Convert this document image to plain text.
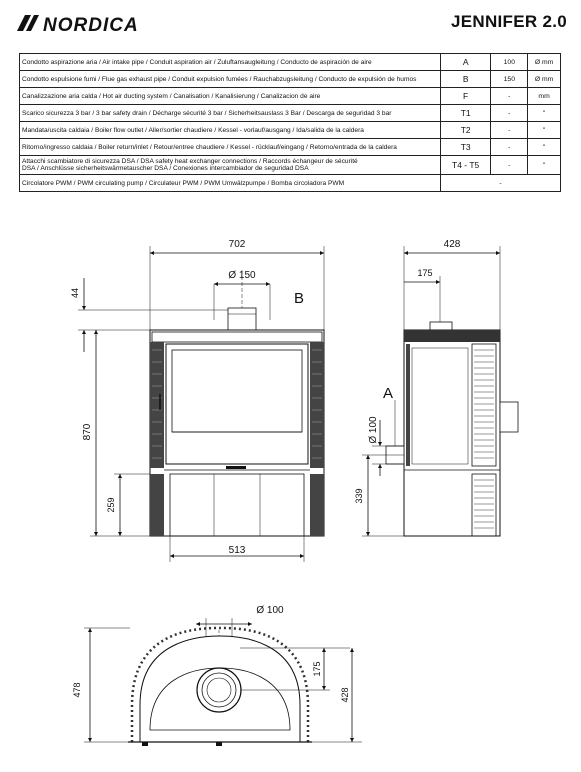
NORDICA	JENNIFER 2.0
Condotto aspirazione aria / Air intake pipe / Conduit aspiration air / Zuluftansaugleitung / Conducto de aspiración de aire	A	100	Ø mm
Condotto espulsione fumi / Flue gas exhaust pipe / Conduit expulsion fumées / Rauchabzugsleitung / Conducto de expulsión de humos	B	150	Ø mm
Canalizzazione aria calda / Hot air ducting system / Canalisation / Kanalisierung / Canalizacion de aire	F	-	mm
Scarico sicurezza 3 bar / 3 bar safety drain / Décharge sécurité 3 bar / Sicherheitsauslass 3 Bar / Descarga de seguridad 3 bar	T1	-	"
Mandata/uscita caldaia / Boiler flow outlet / Aller/sortier chaudiere / Kessel - vorlauf/ausgang / Ida/salida de la caldera	T2	-	"
Ritorno/ingresso caldaia / Boiler return/inlet / Retour/entree chaudiere / Kessel - rücklauf/eingang / Retorno/entrada de la caldera	T3	-	"
Attacchi scambiatore di sicurezza DSA / DSA safety heat exchanger connections / Raccords échangeur de sécurité
DSA / Anschlüsse sicherheitswärmetauscher DSA / Conexiones intercambiador de seguridad DSA	T4 - T5	-	"
Circolatore PWM / PWM circulating pump / Circulateur PWM / PWM Umwälzpumpe / Bomba circoladora PWM	-		
702
Ø 150
B
44
870
259
513
428
175
A
Ø 100
339
Ø 100
175
478	428
